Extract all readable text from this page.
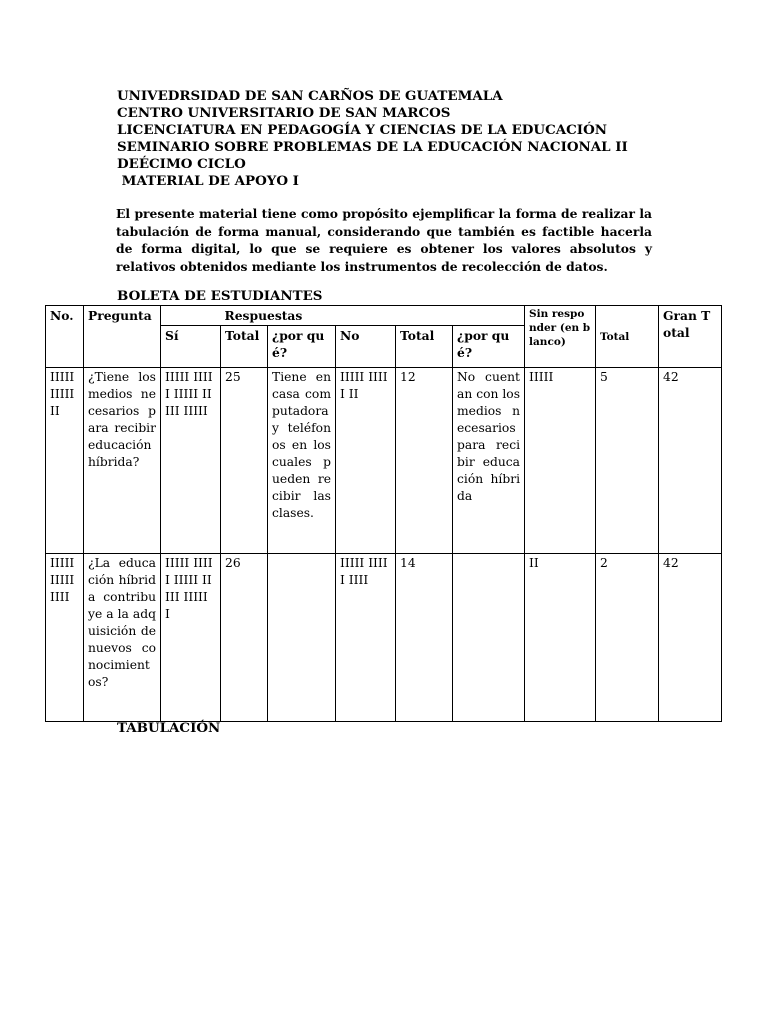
UNIVEDRSIDAD DE SAN CARÑOS DE GUATEMALA
CENTRO UNIVERSITARIO DE SAN MARCOS
LICENCIATURA EN PEDAGOGÍA Y CIENCIAS DE LA EDUCACIÓN
SEMINARIO SOBRE PROBLEMAS DE LA EDUCACIÓN NACIONAL II
DEÉCIMO CICLO
MATERIAL DE APOYO I
El presente material tiene como propósito ejemplificar la forma de realizar la tabulación de forma manual, considerando que también es factible hacerla de forma digital, lo que se requiere es obtener los valores absolutos y relativos obtenidos mediante los instrumentos de recolección de datos.
BOLETA DE ESTUDIANTES
No.	Pregunta		Respuestas					Sin responder (en blanco)	Total	Gran Total
		Sí	Total	¿por qué?	No	Total	¿por qué?			
IIIII IIIII II	¿Tiene los medios necesarios para recibir educación híbrida?	IIIII IIIII IIIII IIIII IIIII	25	Tiene en casa computadora y teléfonos en los cuales pueden recibir las clases.	IIIII IIIII II	12	No cuentan con los medios necesarios para recibir educación híbrida	IIIII	5	42
IIIII IIIII IIII	¿La educación híbrida contribuye a la adquisición de nuevos conocimientos?	IIIII IIIII IIIII IIIII IIIII I	26		IIIII IIIII IIII	14		II	2	42
TABULACIÓN
